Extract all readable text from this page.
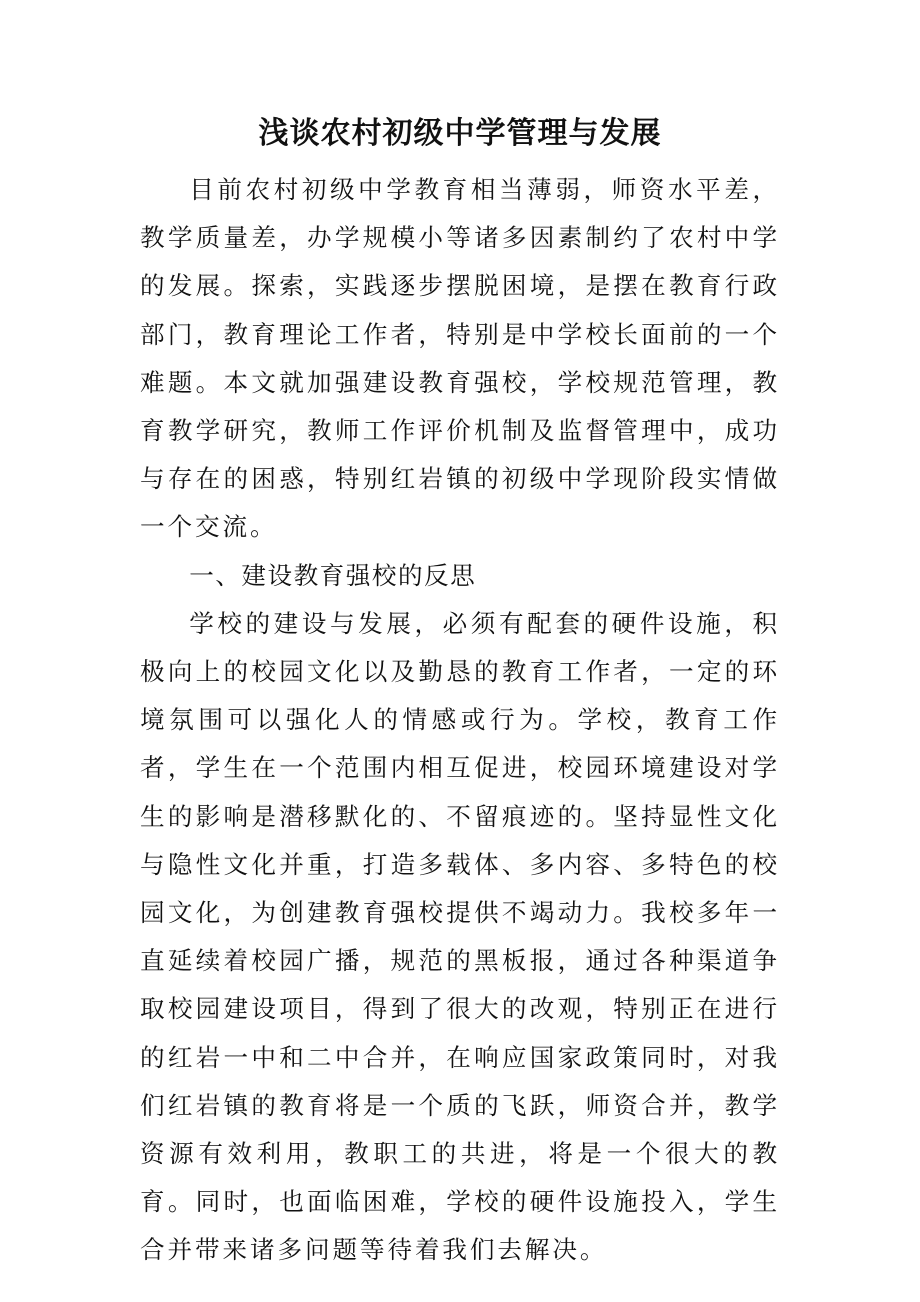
浅谈农村初级中学管理与发展

目前农村初级中学教育相当薄弱，师资水平差，教学质量差，办学规模小等诸多因素制约了农村中学的发展。探索，实践逐步摆脱困境，是摆在教育行政部门，教育理论工作者，特别是中学校长面前的一个难题。本文就加强建设教育强校，学校规范管理，教育教学研究，教师工作评价机制及监督管理中，成功与存在的困惑，特别红岩镇的初级中学现阶段实情做一个交流。

一、建设教育强校的反思

学校的建设与发展，必须有配套的硬件设施，积极向上的校园文化以及勤恳的教育工作者，一定的环境氛围可以强化人的情感或行为。学校，教育工作者，学生在一个范围内相互促进，校园环境建设对学生的影响是潜移默化的、不留痕迹的。坚持显性文化与隐性文化并重，打造多载体、多内容、多特色的校园文化，为创建教育强校提供不竭动力。我校多年一直延续着校园广播，规范的黑板报，通过各种渠道争取校园建设项目，得到了很大的改观，特别正在进行的红岩一中和二中合并，在响应国家政策同时，对我们红岩镇的教育将是一个质的飞跃，师资合并，教学资源有效利用，教职工的共进，将是一个很大的教育。同时，也面临困难，学校的硬件设施投入，学生合并带来诸多问题等待着我们去解决。
